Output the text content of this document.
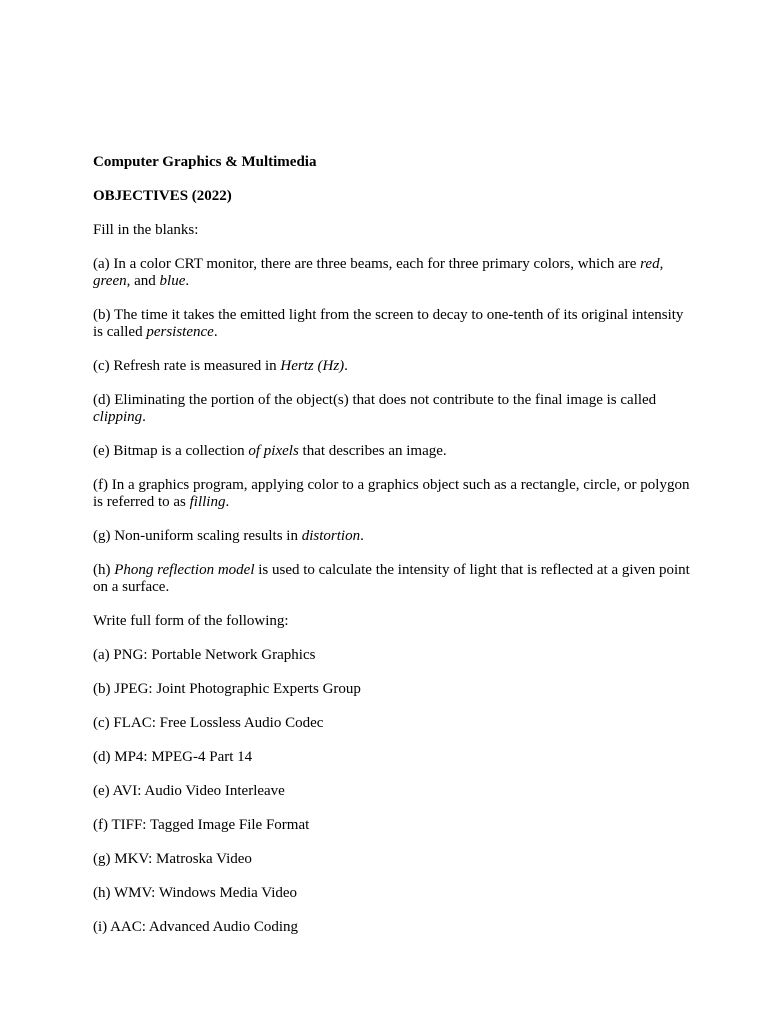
Computer Graphics & Multimedia

OBJECTIVES (2022)

Fill in the blanks:

(a) In a color CRT monitor, there are three beams, each for three primary colors, which are red, green, and blue.

(b) The time it takes the emitted light from the screen to decay to one-tenth of its original intensity is called persistence.

(c) Refresh rate is measured in Hertz (Hz).

(d) Eliminating the portion of the object(s) that does not contribute to the final image is called clipping.

(e) Bitmap is a collection of pixels that describes an image.

(f) In a graphics program, applying color to a graphics object such as a rectangle, circle, or polygon is referred to as filling.

(g) Non-uniform scaling results in distortion.

(h) Phong reflection model is used to calculate the intensity of light that is reflected at a given point on a surface.

Write full form of the following:

(a) PNG: Portable Network Graphics

(b) JPEG: Joint Photographic Experts Group

(c) FLAC: Free Lossless Audio Codec

(d) MP4: MPEG-4 Part 14

(e) AVI: Audio Video Interleave

(f) TIFF: Tagged Image File Format

(g) MKV: Matroska Video

(h) WMV: Windows Media Video

(i) AAC: Advanced Audio Coding
